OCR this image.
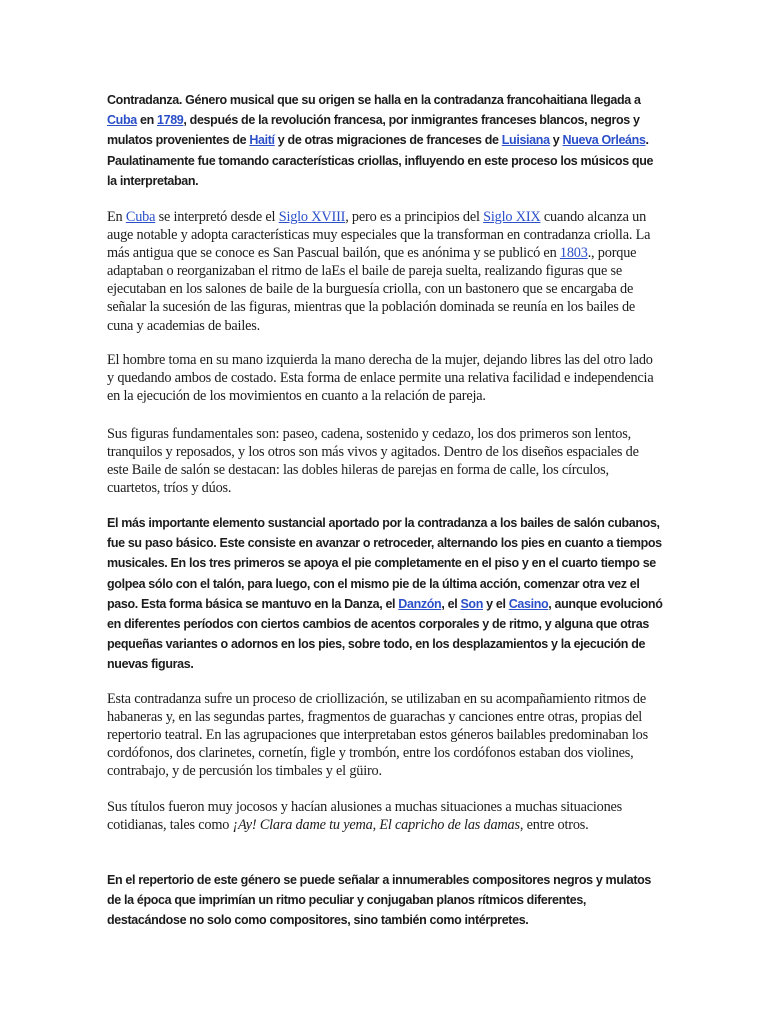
Contradanza. Género musical que su origen se halla en la contradanza francohaitiana llegada a Cuba en 1789, después de la revolución francesa, por inmigrantes franceses blancos, negros y mulatos provenientes de Haití y de otras migraciones de franceses de Luisiana y Nueva Orleáns. Paulatinamente fue tomando características criollas, influyendo en este proceso los músicos que la interpretaban.

En Cuba se interpretó desde el Siglo XVIII, pero es a principios del Siglo XIX cuando alcanza un auge notable y adopta características muy especiales que la transforman en contradanza criolla. La más antigua que se conoce es San Pascual bailón, que es anónima y se publicó en 1803., porque adaptaban o reorganizaban el ritmo de laEs el baile de pareja suelta, realizando figuras que se ejecutaban en los salones de baile de la burguesía criolla, con un bastonero que se encargaba de señalar la sucesión de las figuras, mientras que la población dominada se reunía en los bailes de cuna y academias de bailes.

El hombre toma en su mano izquierda la mano derecha de la mujer, dejando libres las del otro lado y quedando ambos de costado. Esta forma de enlace permite una relativa facilidad e independencia en la ejecución de los movimientos en cuanto a la relación de pareja.

Sus figuras fundamentales son: paseo, cadena, sostenido y cedazo, los dos primeros son lentos, tranquilos y reposados, y los otros son más vivos y agitados. Dentro de los diseños espaciales de este Baile de salón se destacan: las dobles hileras de parejas en forma de calle, los círculos, cuartetos, tríos y dúos.

El más importante elemento sustancial aportado por la contradanza a los bailes de salón cubanos, fue su paso básico. Este consiste en avanzar o retroceder, alternando los pies en cuanto a tiempos musicales. En los tres primeros se apoya el pie completamente en el piso y en el cuarto tiempo se golpea sólo con el talón, para luego, con el mismo pie de la última acción, comenzar otra vez el paso. Esta forma básica se mantuvo en la Danza, el Danzón, el Son y el Casino, aunque evolucionó en diferentes períodos con ciertos cambios de acentos corporales y de ritmo, y alguna que otras pequeñas variantes o adornos en los pies, sobre todo, en los desplazamientos y la ejecución de nuevas figuras.

Esta contradanza sufre un proceso de criollización, se utilizaban en su acompañamiento ritmos de habaneras y, en las segundas partes, fragmentos de guarachas y canciones entre otras, propias del repertorio teatral. En las agrupaciones que interpretaban estos géneros bailables predominaban los cordófonos, dos clarinetes, cornetín, figle y trombón, entre los cordófonos estaban dos violines, contrabajo, y de percusión los timbales y el güiro.

Sus títulos fueron muy jocosos y hacían alusiones a muchas situaciones a muchas situaciones cotidianas, tales como ¡Ay! Clara dame tu yema, El capricho de las damas, entre otros.

En el repertorio de este género se puede señalar a innumerables compositores negros y mulatos de la época que imprimían un ritmo peculiar y conjugaban planos rítmicos diferentes, destacándose no solo como compositores, sino también como intérpretes.
